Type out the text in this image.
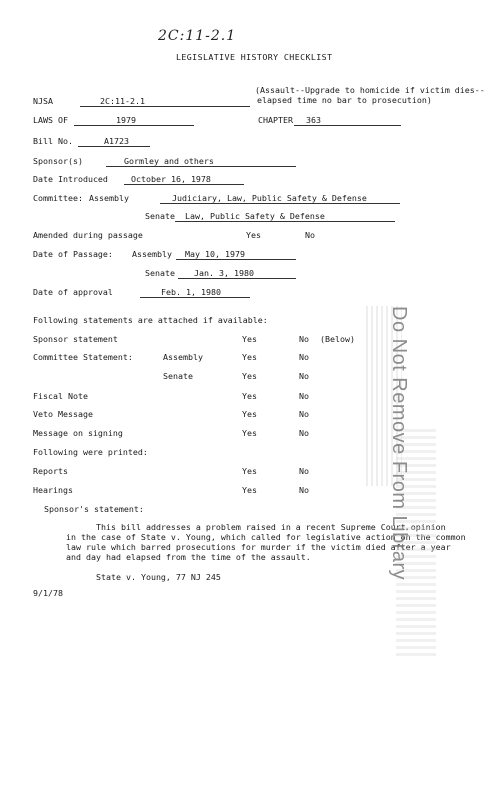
2C:11-2.1
LEGISLATIVE HISTORY CHECKLIST
(Assault--Upgrade to homicide if victim dies--
elapsed time no bar to prosecution)
NJSA	2C:11-2.1
LAWS OF	1979	CHAPTER 363
Bill No.	A1723
Sponsor(s)	Gormley and others
Date Introduced	October 16, 1978
Committee: Assembly	Judiciary, Law, Public Safety & Defense
Senate Law, Public Safety & Defense
Amended during passage	Yes	No
Date of Passage: Assembly May 10, 1979
Senate Jan. 3, 1980
Date of approval	Feb. 1, 1980
Following statements are attached if available:
Sponsor statement	Yes	No (Below)
Committee Statement:	Assembly	Yes	No
Senate	Yes	No
Fiscal Note	Yes	No
Veto Message	Yes	No
Message on signing	Yes	No
Following were printed:
Reports	Yes	No
Hearings	Yes	No
Sponsor's statement:
This bill addresses a problem raised in a recent Supreme Court opinion
in the case of State v. Young, which called for legislative action on the common
law rule which barred prosecutions for murder if the victim died after a year
and day had elapsed from the time of the assault.
State v. Young, 77 NJ 245
9/1/78
Do Not Remove From Library
